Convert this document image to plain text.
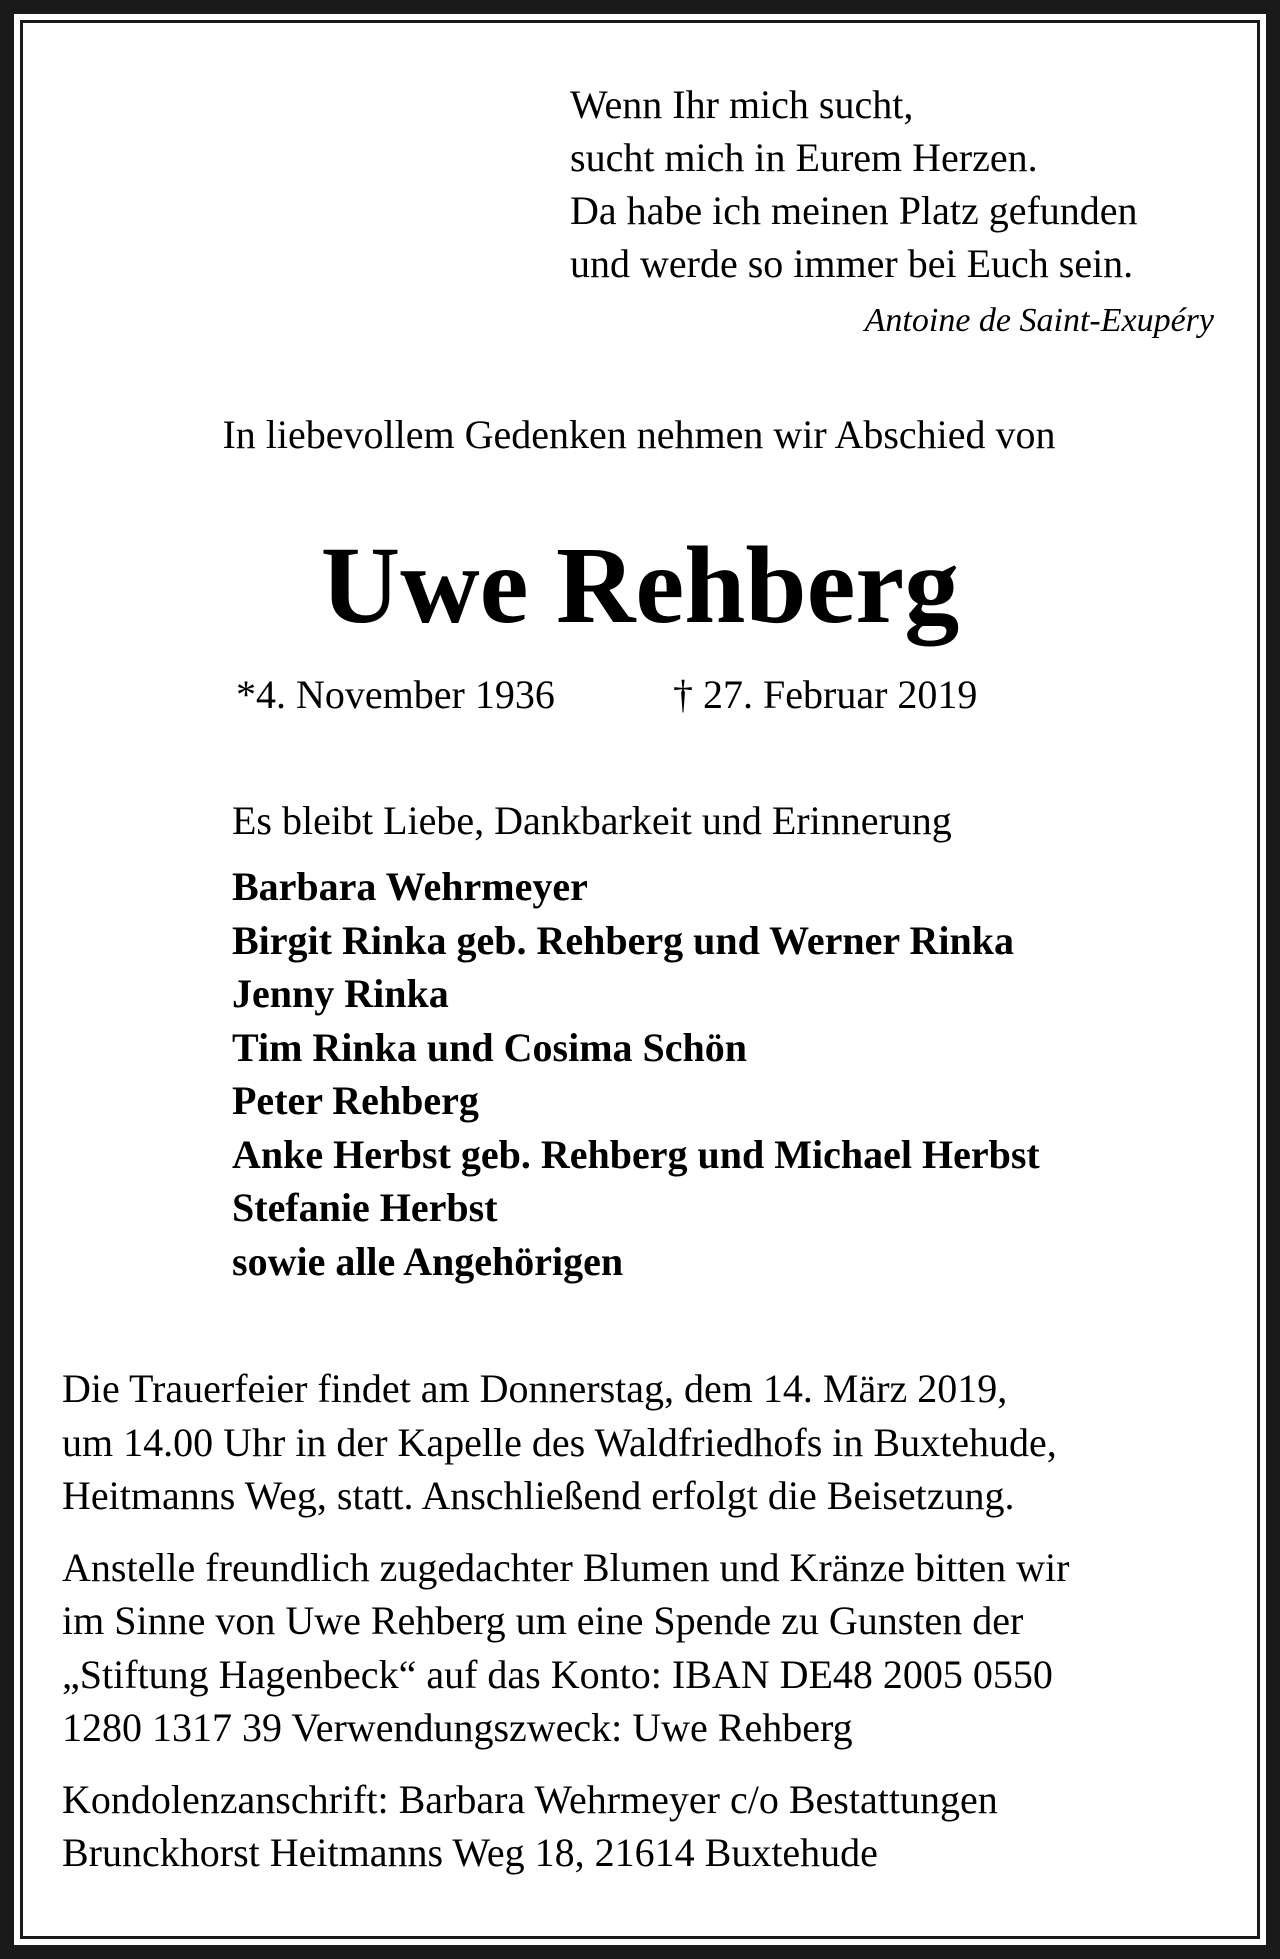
Wenn Ihr mich sucht,
sucht mich in Eurem Herzen.
Da habe ich meinen Platz gefunden
und werde so immer bei Euch sein.
Antoine de Saint-Exupéry
In liebevollem Gedenken nehmen wir Abschied von
Uwe Rehberg
*4. November 1936	† 27. Februar 2019
Es bleibt Liebe, Dankbarkeit und Erinnerung
Barbara Wehrmeyer
Birgit Rinka geb. Rehberg und Werner Rinka
Jenny Rinka
Tim Rinka und Cosima Schön
Peter Rehberg
Anke Herbst geb. Rehberg und Michael Herbst
Stefanie Herbst
sowie alle Angehörigen
Die Trauerfeier findet am Donnerstag, dem 14. März 2019,
um 14.00 Uhr in der Kapelle des Waldfriedhofs in Buxtehude,
Heitmanns Weg, statt. Anschließend erfolgt die Beisetzung.
Anstelle freundlich zugedachter Blumen und Kränze bitten wir
im Sinne von Uwe Rehberg um eine Spende zu Gunsten der
„Stiftung Hagenbeck“ auf das Konto: IBAN DE48 2005 0550
1280 1317 39 Verwendungszweck: Uwe Rehberg
Kondolenzanschrift: Barbara Wehrmeyer c/o Bestattungen
Brunckhorst Heitmanns Weg 18, 21614 Buxtehude
